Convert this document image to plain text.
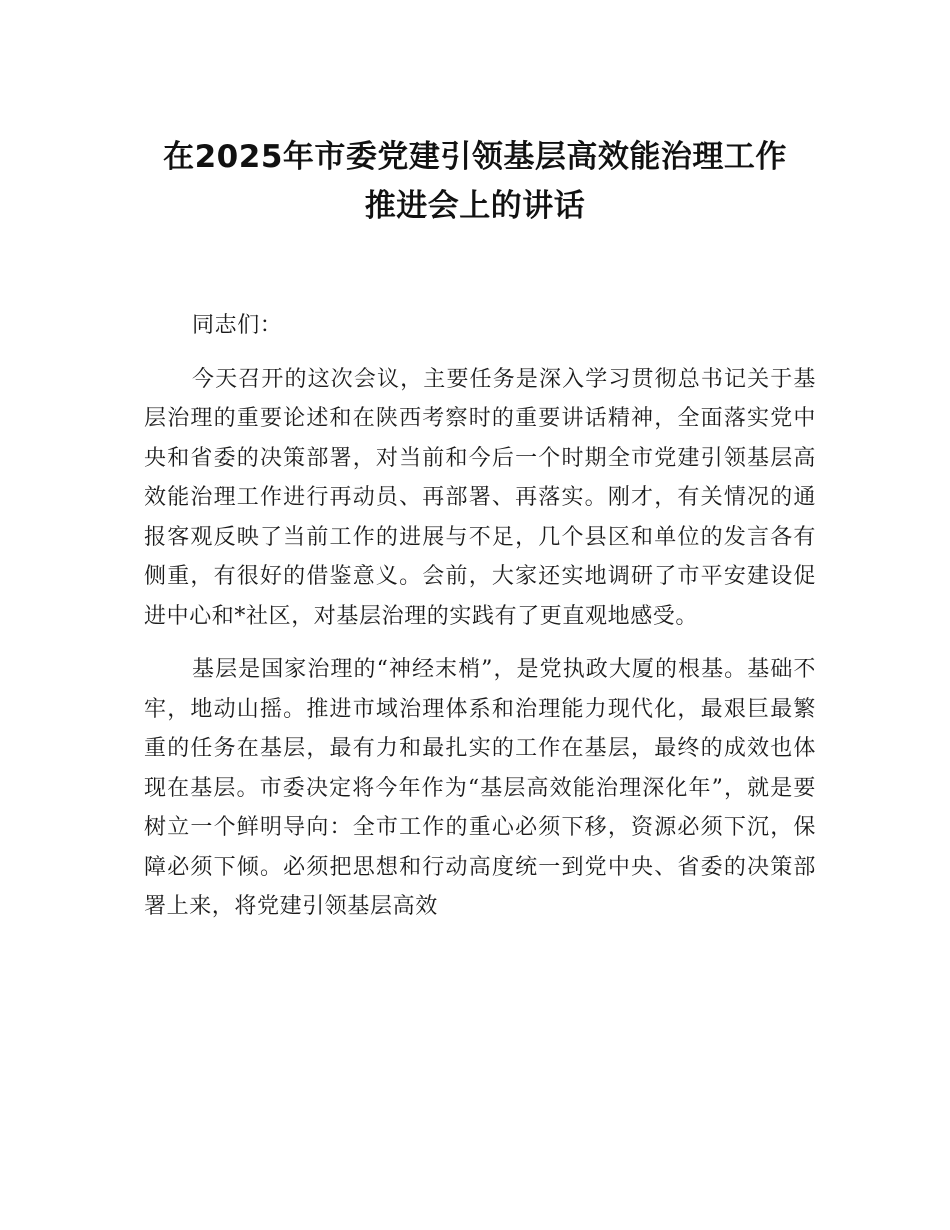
在2025年市委党建引领基层高效能治理工作
推进会上的讲话

同志们：

今天召开的这次会议，主要任务是深入学习贯彻总书记关于基层治理的重要论述和在陕西考察时的重要讲话精神，全面落实党中央和省委的决策部署，对当前和今后一个时期全市党建引领基层高效能治理工作进行再动员、再部署、再落实。刚才，有关情况的通报客观反映了当前工作的进展与不足，几个县区和单位的发言各有侧重，有很好的借鉴意义。会前，大家还实地调研了市平安建设促进中心和*社区，对基层治理的实践有了更直观地感受。

基层是国家治理的“神经末梢”，是党执政大厦的根基。基础不牢，地动山摇。推进市域治理体系和治理能力现代化，最艰巨最繁重的任务在基层，最有力和最扎实的工作在基层，最终的成效也体现在基层。市委决定将今年作为“基层高效能治理深化年”，就是要树立一个鲜明导向：全市工作的重心必须下移，资源必须下沉，保障必须下倾。必须把思想和行动高度统一到党中央、省委的决策部署上来，将党建引领基层高效
